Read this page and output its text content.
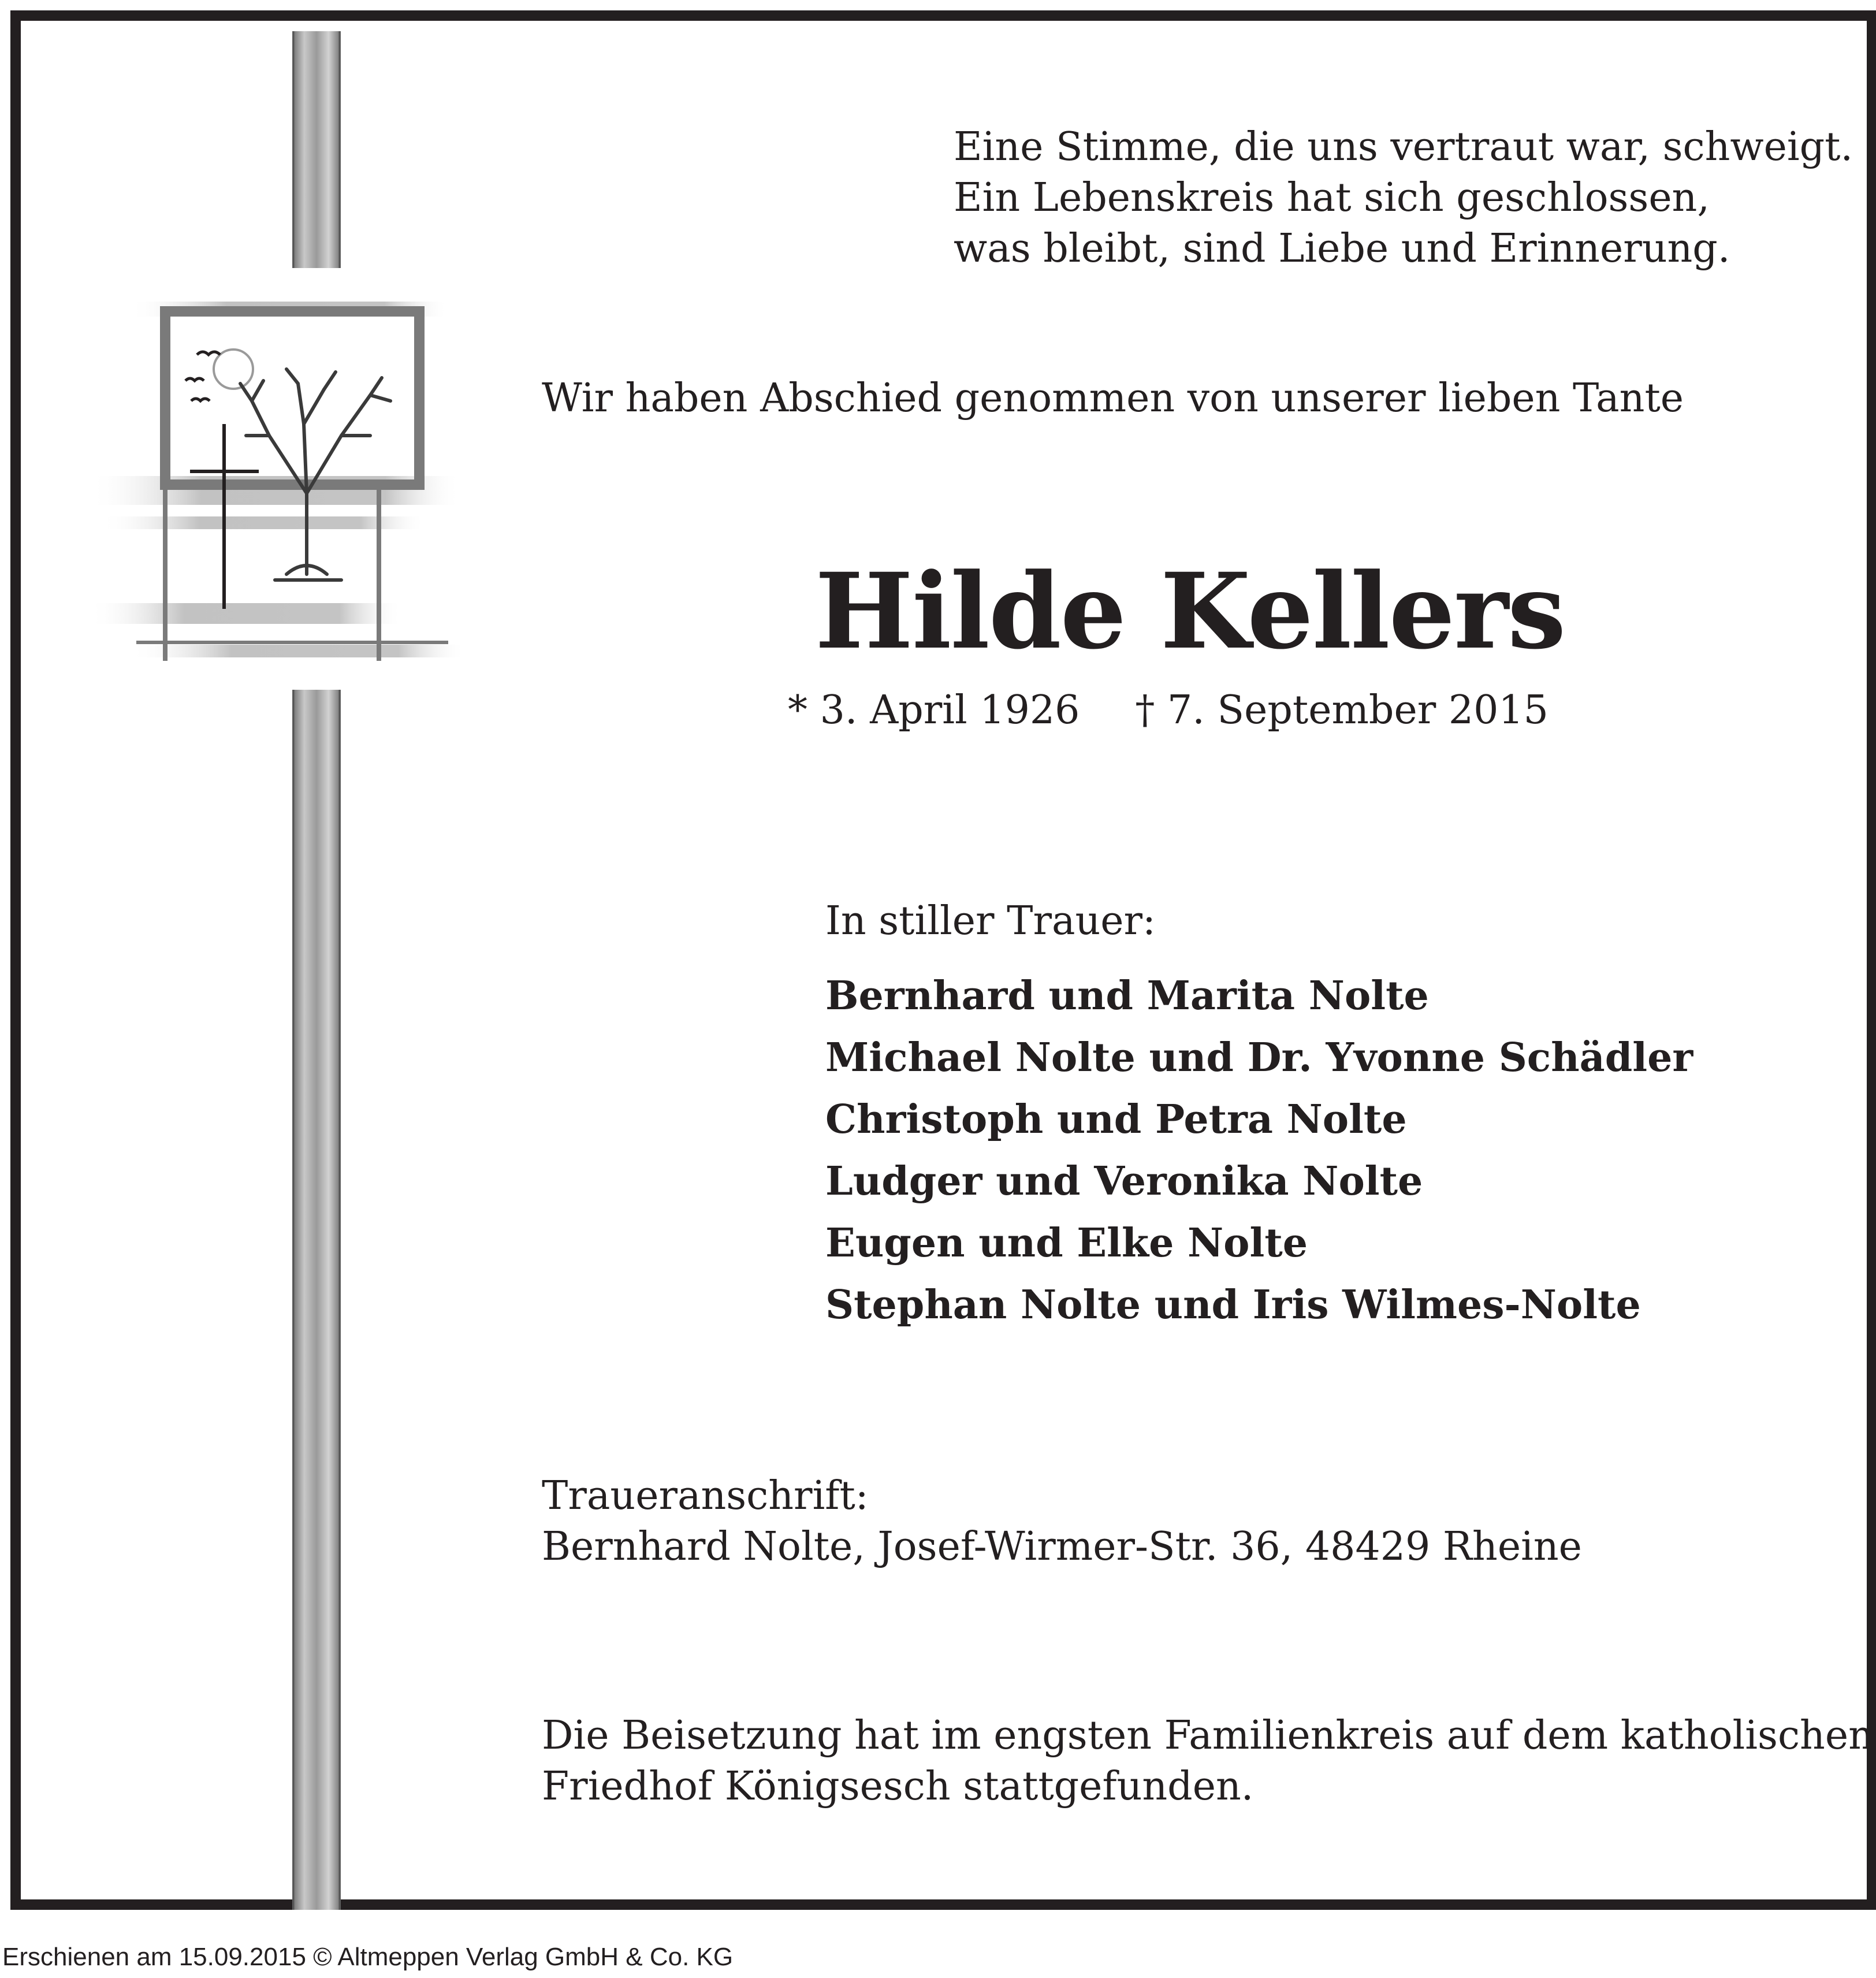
Eine Stimme, die uns vertraut war, schweigt.
Ein Lebenskreis hat sich geschlossen,
was bleibt, sind Liebe und Erinnerung.

Wir haben Abschied genommen von unserer lieben Tante

Hilde Kellers

* 3. April 1926 † 7. September 2015

In stiller Trauer:

Bernhard und Marita Nolte
Michael Nolte und Dr. Yvonne Schädler
Christoph und Petra Nolte
Ludger und Veronika Nolte
Eugen und Elke Nolte
Stephan Nolte und Iris Wilmes-Nolte

Traueranschrift:
Bernhard Nolte, Josef-Wirmer-Str. 36, 48429 Rheine

Die Beisetzung hat im engsten Familienkreis auf dem katholischen
Friedhof Königsesch stattgefunden.

Erschienen am 15.09.2015 © Altmeppen Verlag GmbH & Co. KG
